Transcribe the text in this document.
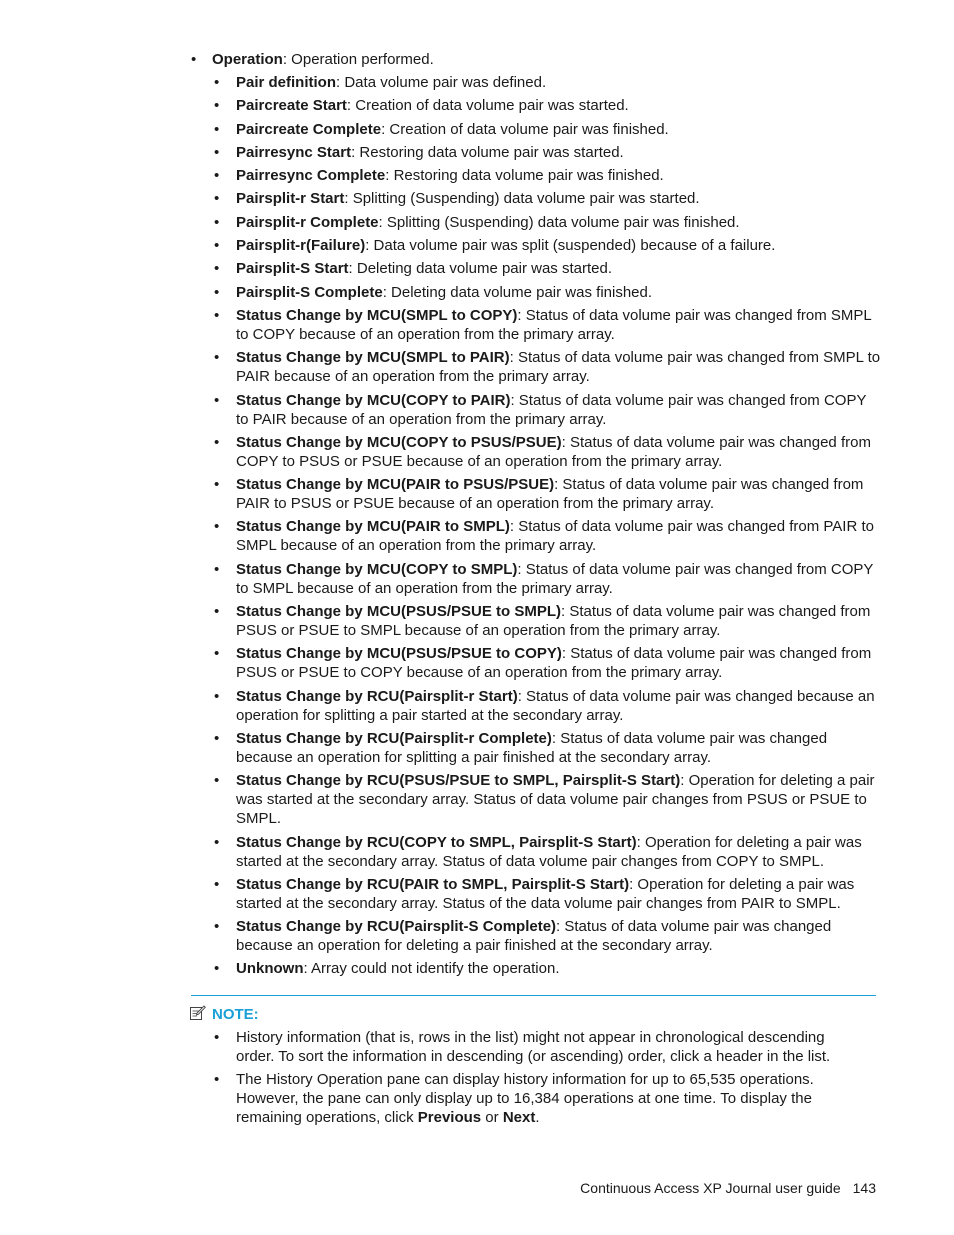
• Operation: Operation performed.
• Pair definition: Data volume pair was defined.
• Paircreate Start: Creation of data volume pair was started.
• Paircreate Complete: Creation of data volume pair was finished.
• Pairresync Start: Restoring data volume pair was started.
• Pairresync Complete: Restoring data volume pair was finished.
• Pairsplit-r Start: Splitting (Suspending) data volume pair was started.
• Pairsplit-r Complete: Splitting (Suspending) data volume pair was finished.
• Pairsplit-r(Failure): Data volume pair was split (suspended) because of a failure.
• Pairsplit-S Start: Deleting data volume pair was started.
• Pairsplit-S Complete: Deleting data volume pair was finished.
• Status Change by MCU(SMPL to COPY): Status of data volume pair was changed from SMPL to COPY because of an operation from the primary array.
• Status Change by MCU(SMPL to PAIR): Status of data volume pair was changed from SMPL to PAIR because of an operation from the primary array.
• Status Change by MCU(COPY to PAIR): Status of data volume pair was changed from COPY to PAIR because of an operation from the primary array.
• Status Change by MCU(COPY to PSUS/PSUE): Status of data volume pair was changed from COPY to PSUS or PSUE because of an operation from the primary array.
• Status Change by MCU(PAIR to PSUS/PSUE): Status of data volume pair was changed from PAIR to PSUS or PSUE because of an operation from the primary array.
• Status Change by MCU(PAIR to SMPL): Status of data volume pair was changed from PAIR to SMPL because of an operation from the primary array.
• Status Change by MCU(COPY to SMPL): Status of data volume pair was changed from COPY to SMPL because of an operation from the primary array.
• Status Change by MCU(PSUS/PSUE to SMPL): Status of data volume pair was changed from PSUS or PSUE to SMPL because of an operation from the primary array.
• Status Change by MCU(PSUS/PSUE to COPY): Status of data volume pair was changed from PSUS or PSUE to COPY because of an operation from the primary array.
• Status Change by RCU(Pairsplit-r Start): Status of data volume pair was changed because an operation for splitting a pair started at the secondary array.
• Status Change by RCU(Pairsplit-r Complete): Status of data volume pair was changed because an operation for splitting a pair finished at the secondary array.
• Status Change by RCU(PSUS/PSUE to SMPL, Pairsplit-S Start): Operation for deleting a pair was started at the secondary array. Status of data volume pair changes from PSUS or PSUE to SMPL.
• Status Change by RCU(COPY to SMPL, Pairsplit-S Start): Operation for deleting a pair was started at the secondary array. Status of data volume pair changes from COPY to SMPL.
• Status Change by RCU(PAIR to SMPL, Pairsplit-S Start): Operation for deleting a pair was started at the secondary array. Status of the data volume pair changes from PAIR to SMPL.
• Status Change by RCU(Pairsplit-S Complete): Status of data volume pair was changed because an operation for deleting a pair finished at the secondary array.
• Unknown: Array could not identify the operation.
NOTE:
• History information (that is, rows in the list) might not appear in chronological descending order. To sort the information in descending (or ascending) order, click a header in the list.
• The History Operation pane can display history information for up to 65,535 operations. However, the pane can only display up to 16,384 operations at one time. To display the remaining operations, click Previous or Next.
Continuous Access XP Journal user guide 143
